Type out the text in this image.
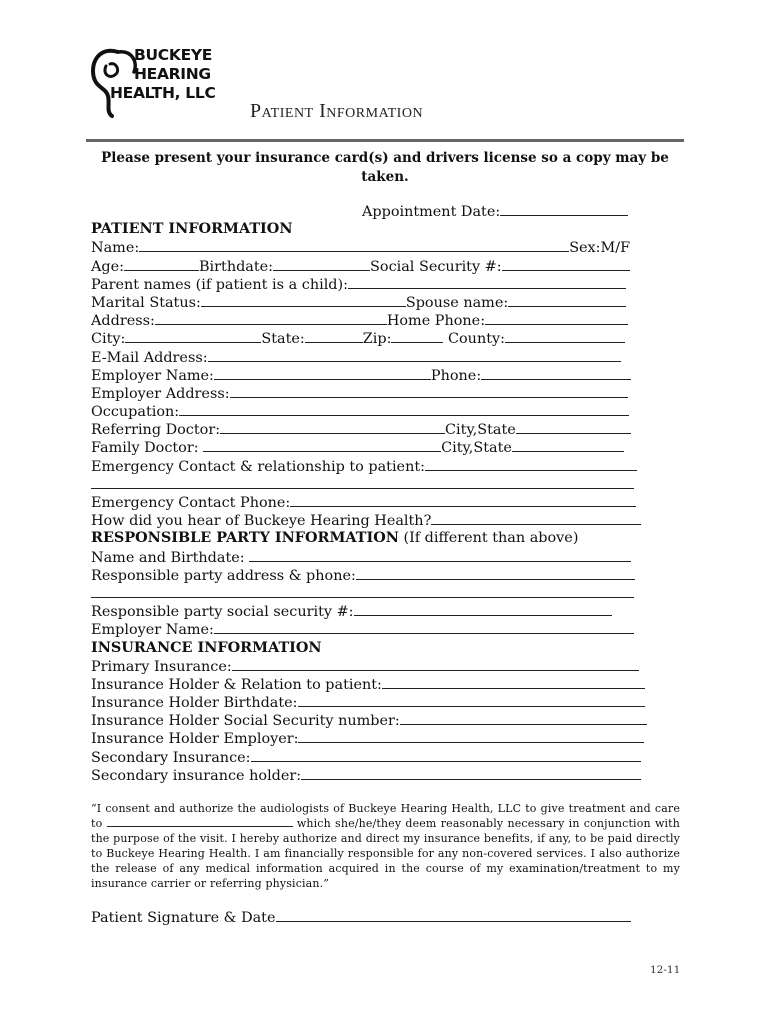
BUCKEYE
HEARING
HEALTH, LLC
Patient Information
Please present your insurance card(s) and drivers license so a copy may be taken.
Appointment Date:
PATIENT INFORMATION
Name:	Sex:M/F
Age:	Birthdate:	Social Security #:
Parent names (if patient is a child):
Marital Status:	Spouse name:
Address:	Home Phone:
City:	State:	Zip:	County:
E-Mail Address:
Employer Name:	Phone:
Employer Address:
Occupation:
Referring Doctor:	City,State
Family Doctor:	City,State
Emergency Contact & relationship to patient:
Emergency Contact Phone:
How did you hear of Buckeye Hearing Health?
RESPONSIBLE PARTY INFORMATION (If different than above)
Name and Birthdate:
Responsible party address & phone:
Responsible party social security #:
Employer Name:
INSURANCE INFORMATION
Primary Insurance:
Insurance Holder & Relation to patient:
Insurance Holder Birthdate:
Insurance Holder Social Security number:
Insurance Holder Employer:
Secondary Insurance:
Secondary insurance holder:
“I consent and authorize the audiologists of Buckeye Hearing Health, LLC to give treatment and care to	which she/he/they deem reasonably necessary in conjunction with the purpose of the visit. I hereby authorize and direct my insurance benefits, if any, to be paid directly to Buckeye Hearing Health. I am financially responsible for any non-covered services. I also authorize the release of any medical information acquired in the course of my examination/treatment to my insurance carrier or referring physician.”
Patient Signature & Date
12-11
